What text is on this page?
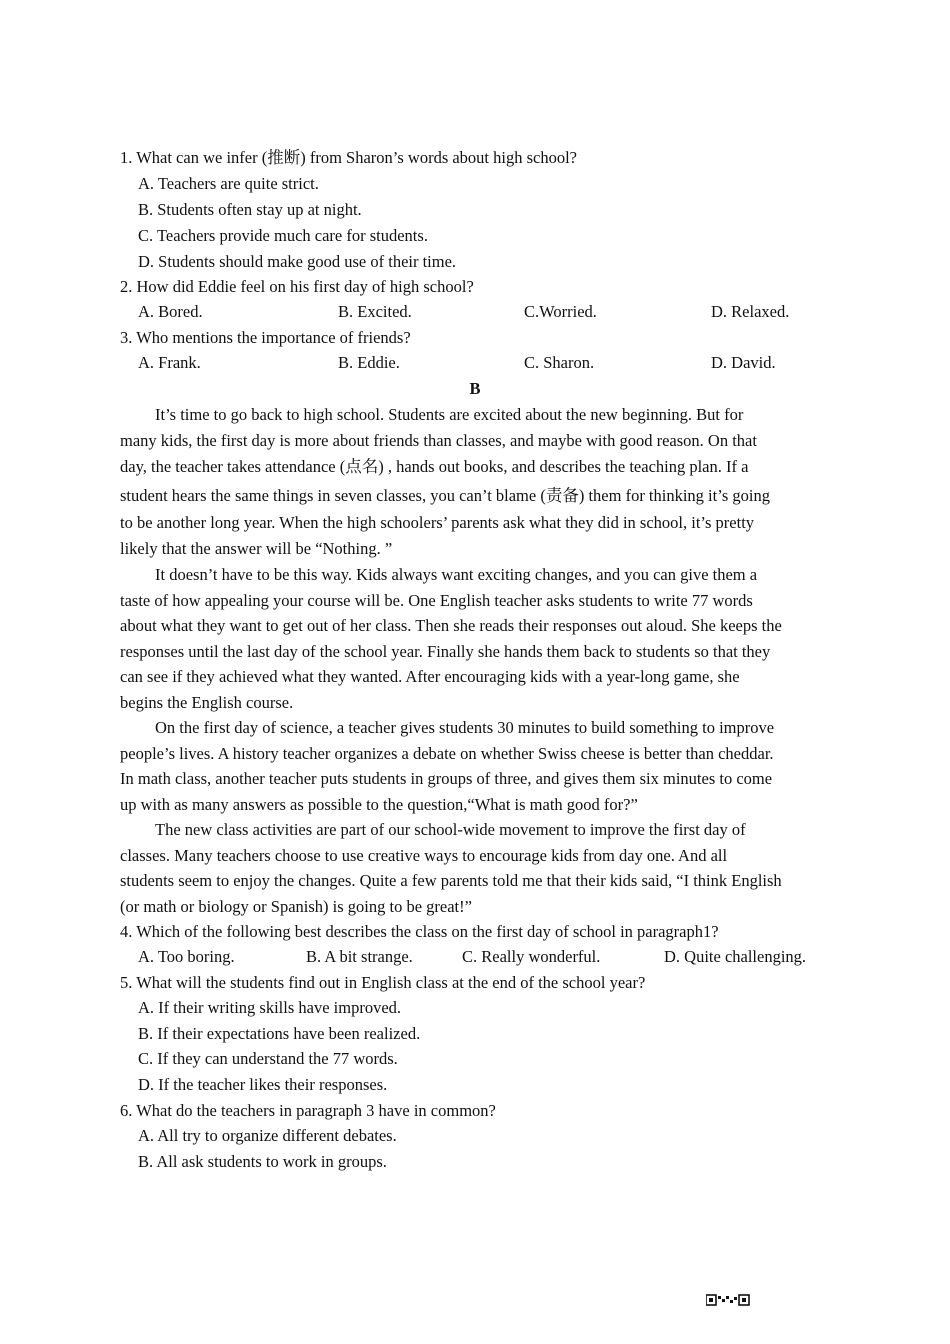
1. What can we infer (推断) from Sharon’s words about high school?
A. Teachers are quite strict.
B. Students often stay up at night.
C. Teachers provide much care for students.
D. Students should make good use of their time.
2. How did Eddie feel on his first day of high school?
A. Bored.	B. Excited.	C.Worried.	D. Relaxed.
3. Who mentions the importance of friends?
A. Frank.	B. Eddie.	C. Sharon.	D. David.
B
It’s time to go back to high school. Students are excited about the new beginning. But for
many kids, the first day is more about friends than classes, and maybe with good reason. On that
day, the teacher takes attendance (点名) , hands out books, and describes the teaching plan. If a
student hears the same things in seven classes, you can’t blame (责备) them for thinking it’s going
to be another long year. When the high schoolers’ parents ask what they did in school, it’s pretty
likely that the answer will be “Nothing. ”
It doesn’t have to be this way. Kids always want exciting changes, and you can give them a
taste of how appealing your course will be. One English teacher asks students to write 77 words
about what they want to get out of her class. Then she reads their responses out aloud. She keeps the
responses until the last day of the school year. Finally she hands them back to students so that they
can see if they achieved what they wanted. After encouraging kids with a year-long game, she
begins the English course.
On the first day of science, a teacher gives students 30 minutes to build something to improve
people’s lives. A history teacher organizes a debate on whether Swiss cheese is better than cheddar.
In math class, another teacher puts students in groups of three, and gives them six minutes to come
up with as many answers as possible to the question,“What is math good for?”
The new class activities are part of our school-wide movement to improve the first day of
classes. Many teachers choose to use creative ways to encourage kids from day one. And all
students seem to enjoy the changes. Quite a few parents told me that their kids said, “I think English
(or math or biology or Spanish) is going to be great!”
4. Which of the following best describes the class on the first day of school in paragraph1?
A. Too boring.	B. A bit strange.	C. Really wonderful.	D. Quite challenging.
5. What will the students find out in English class at the end of the school year?
A. If their writing skills have improved.
B. If their expectations have been realized.
C. If they can understand the 77 words.
D. If the teacher likes their responses.
6. What do the teachers in paragraph 3 have in common?
A. All try to organize different debates.
B. All ask students to work in groups.
